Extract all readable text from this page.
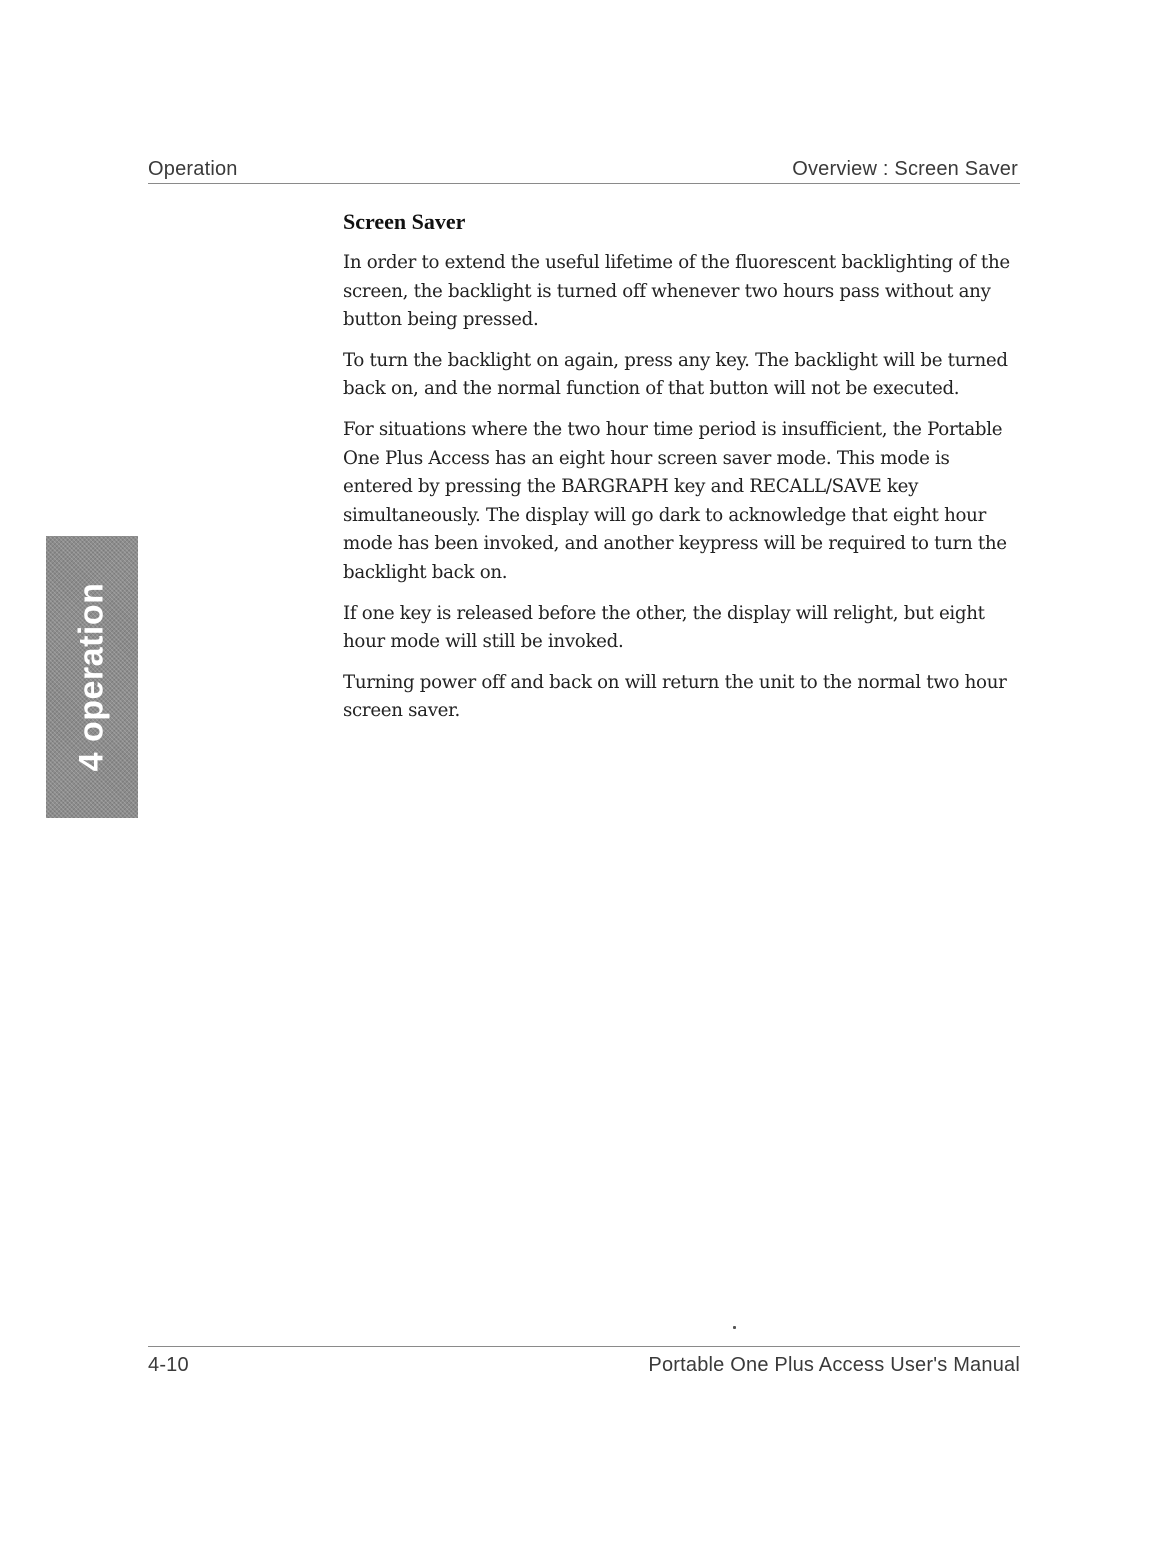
Operation	Overview : Screen Saver
4 operation
Screen Saver

In order to extend the useful lifetime of the fluorescent backlighting of the screen, the backlight is turned off whenever two hours pass without any button being pressed.

To turn the backlight on again, press any key. The backlight will be turned back on, and the normal function of that button will not be executed.

For situations where the two hour time period is insufficient, the Portable One Plus Access has an eight hour screen saver mode. This mode is entered by pressing the BARGRAPH key and RECALL/SAVE key simultaneously. The display will go dark to acknowledge that eight hour mode has been invoked, and another keypress will be required to turn the backlight back on.

If one key is released before the other, the display will relight, but eight hour mode will still be invoked.

Turning power off and back on will return the unit to the normal two hour screen saver.

4-10	Portable One Plus Access User's Manual
